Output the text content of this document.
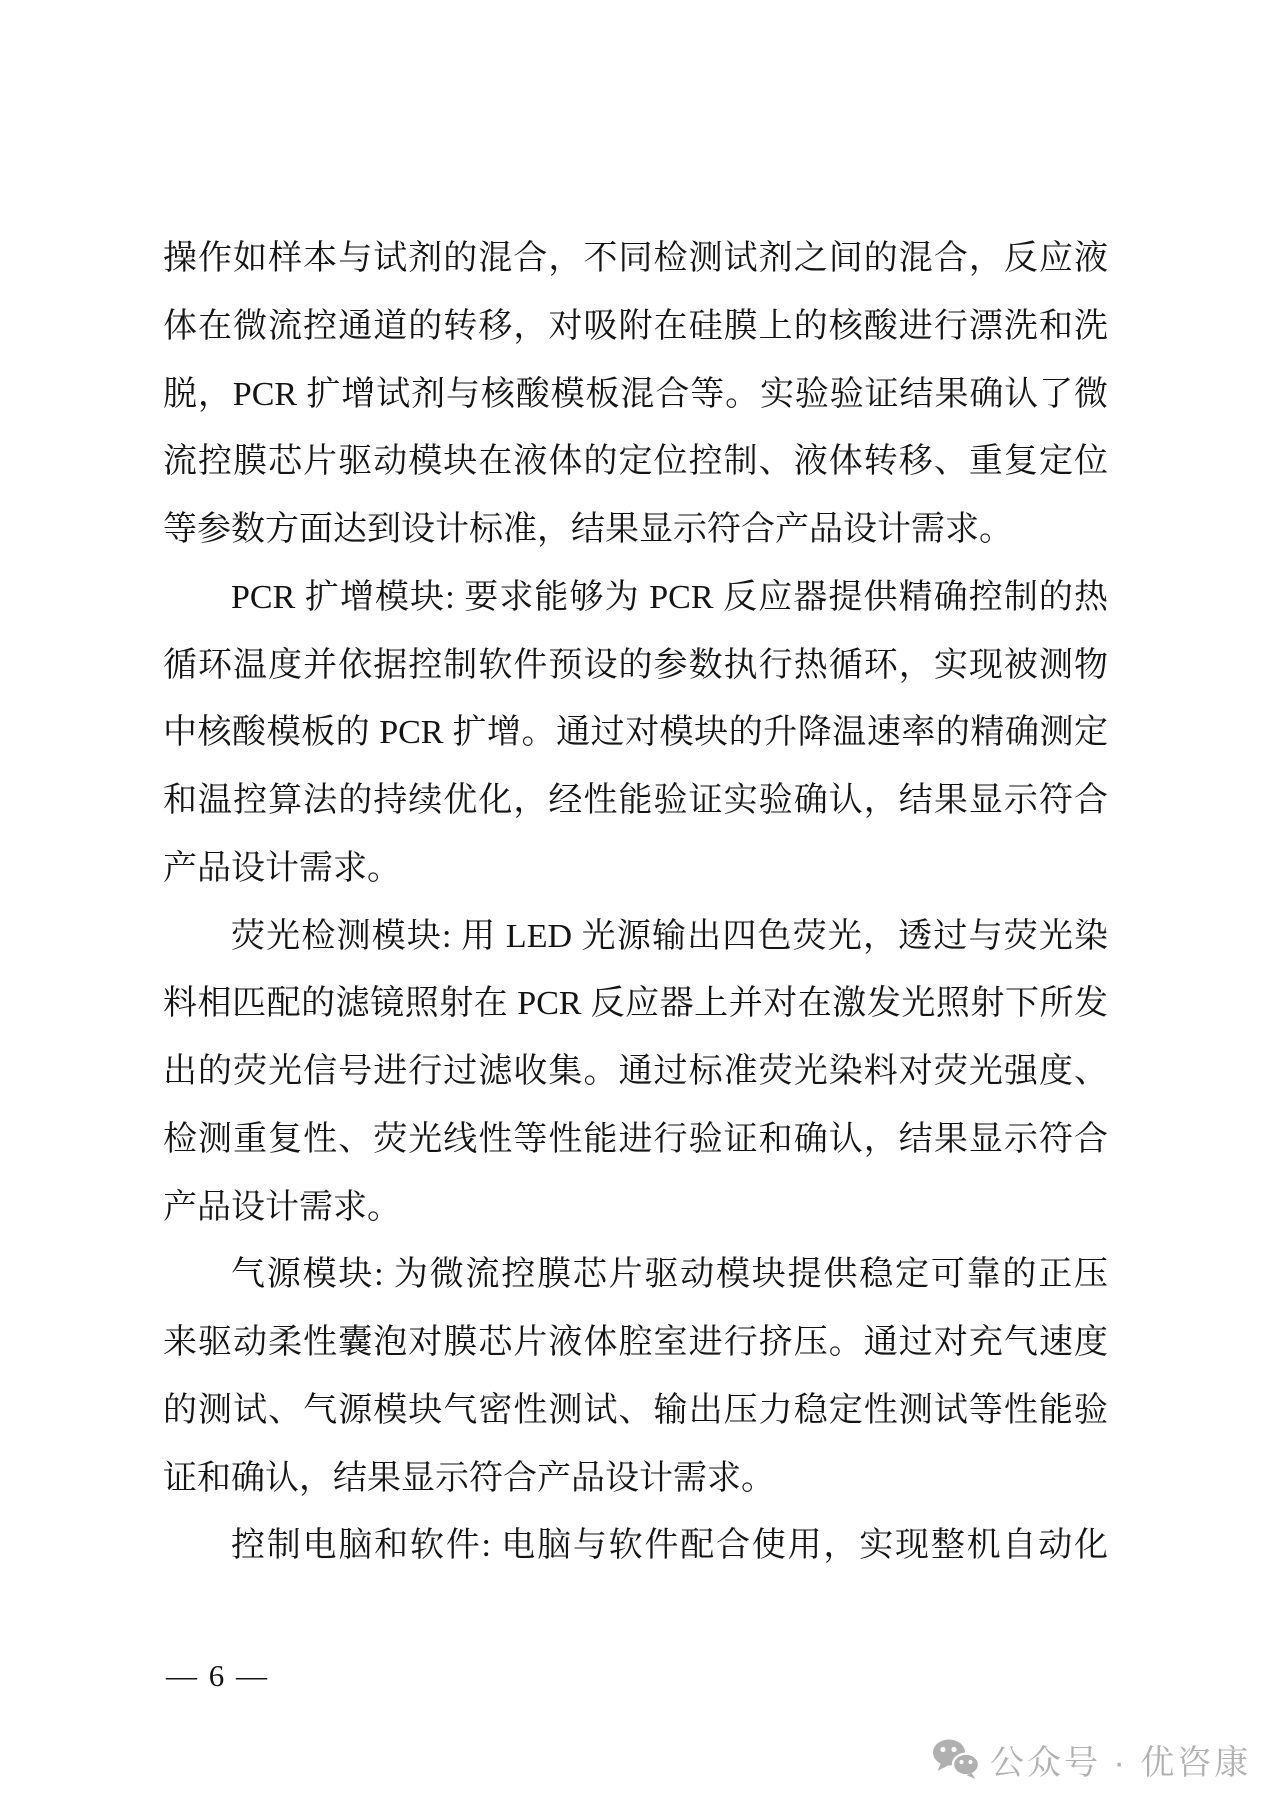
操作如样本与试剂的混合，不同检测试剂之间的混合，反应液
体在微流控通道的转移，对吸附在硅膜上的核酸进行漂洗和洗
脱，PCR 扩增试剂与核酸模板混合等。实验验证结果确认了微
流控膜芯片驱动模块在液体的定位控制、液体转移、重复定位
等参数方面达到设计标准，结果显示符合产品设计需求。
PCR 扩增模块: 要求能够为 PCR 反应器提供精确控制的热
循环温度并依据控制软件预设的参数执行热循环，实现被测物
中核酸模板的 PCR 扩增。通过对模块的升降温速率的精确测定
和温控算法的持续优化，经性能验证实验确认，结果显示符合
产品设计需求。
荧光检测模块: 用 LED 光源输出四色荧光，透过与荧光染
料相匹配的滤镜照射在 PCR 反应器上并对在激发光照射下所发
出的荧光信号进行过滤收集。通过标准荧光染料对荧光强度、
检测重复性、荧光线性等性能进行验证和确认，结果显示符合
产品设计需求。
气源模块: 为微流控膜芯片驱动模块提供稳定可靠的正压
来驱动柔性囊泡对膜芯片液体腔室进行挤压。通过对充气速度
的测试、气源模块气密性测试、输出压力稳定性测试等性能验
证和确认，结果显示符合产品设计需求。
控制电脑和软件: 电脑与软件配合使用，实现整机自动化
— 6 —
公众号 · 优咨康
